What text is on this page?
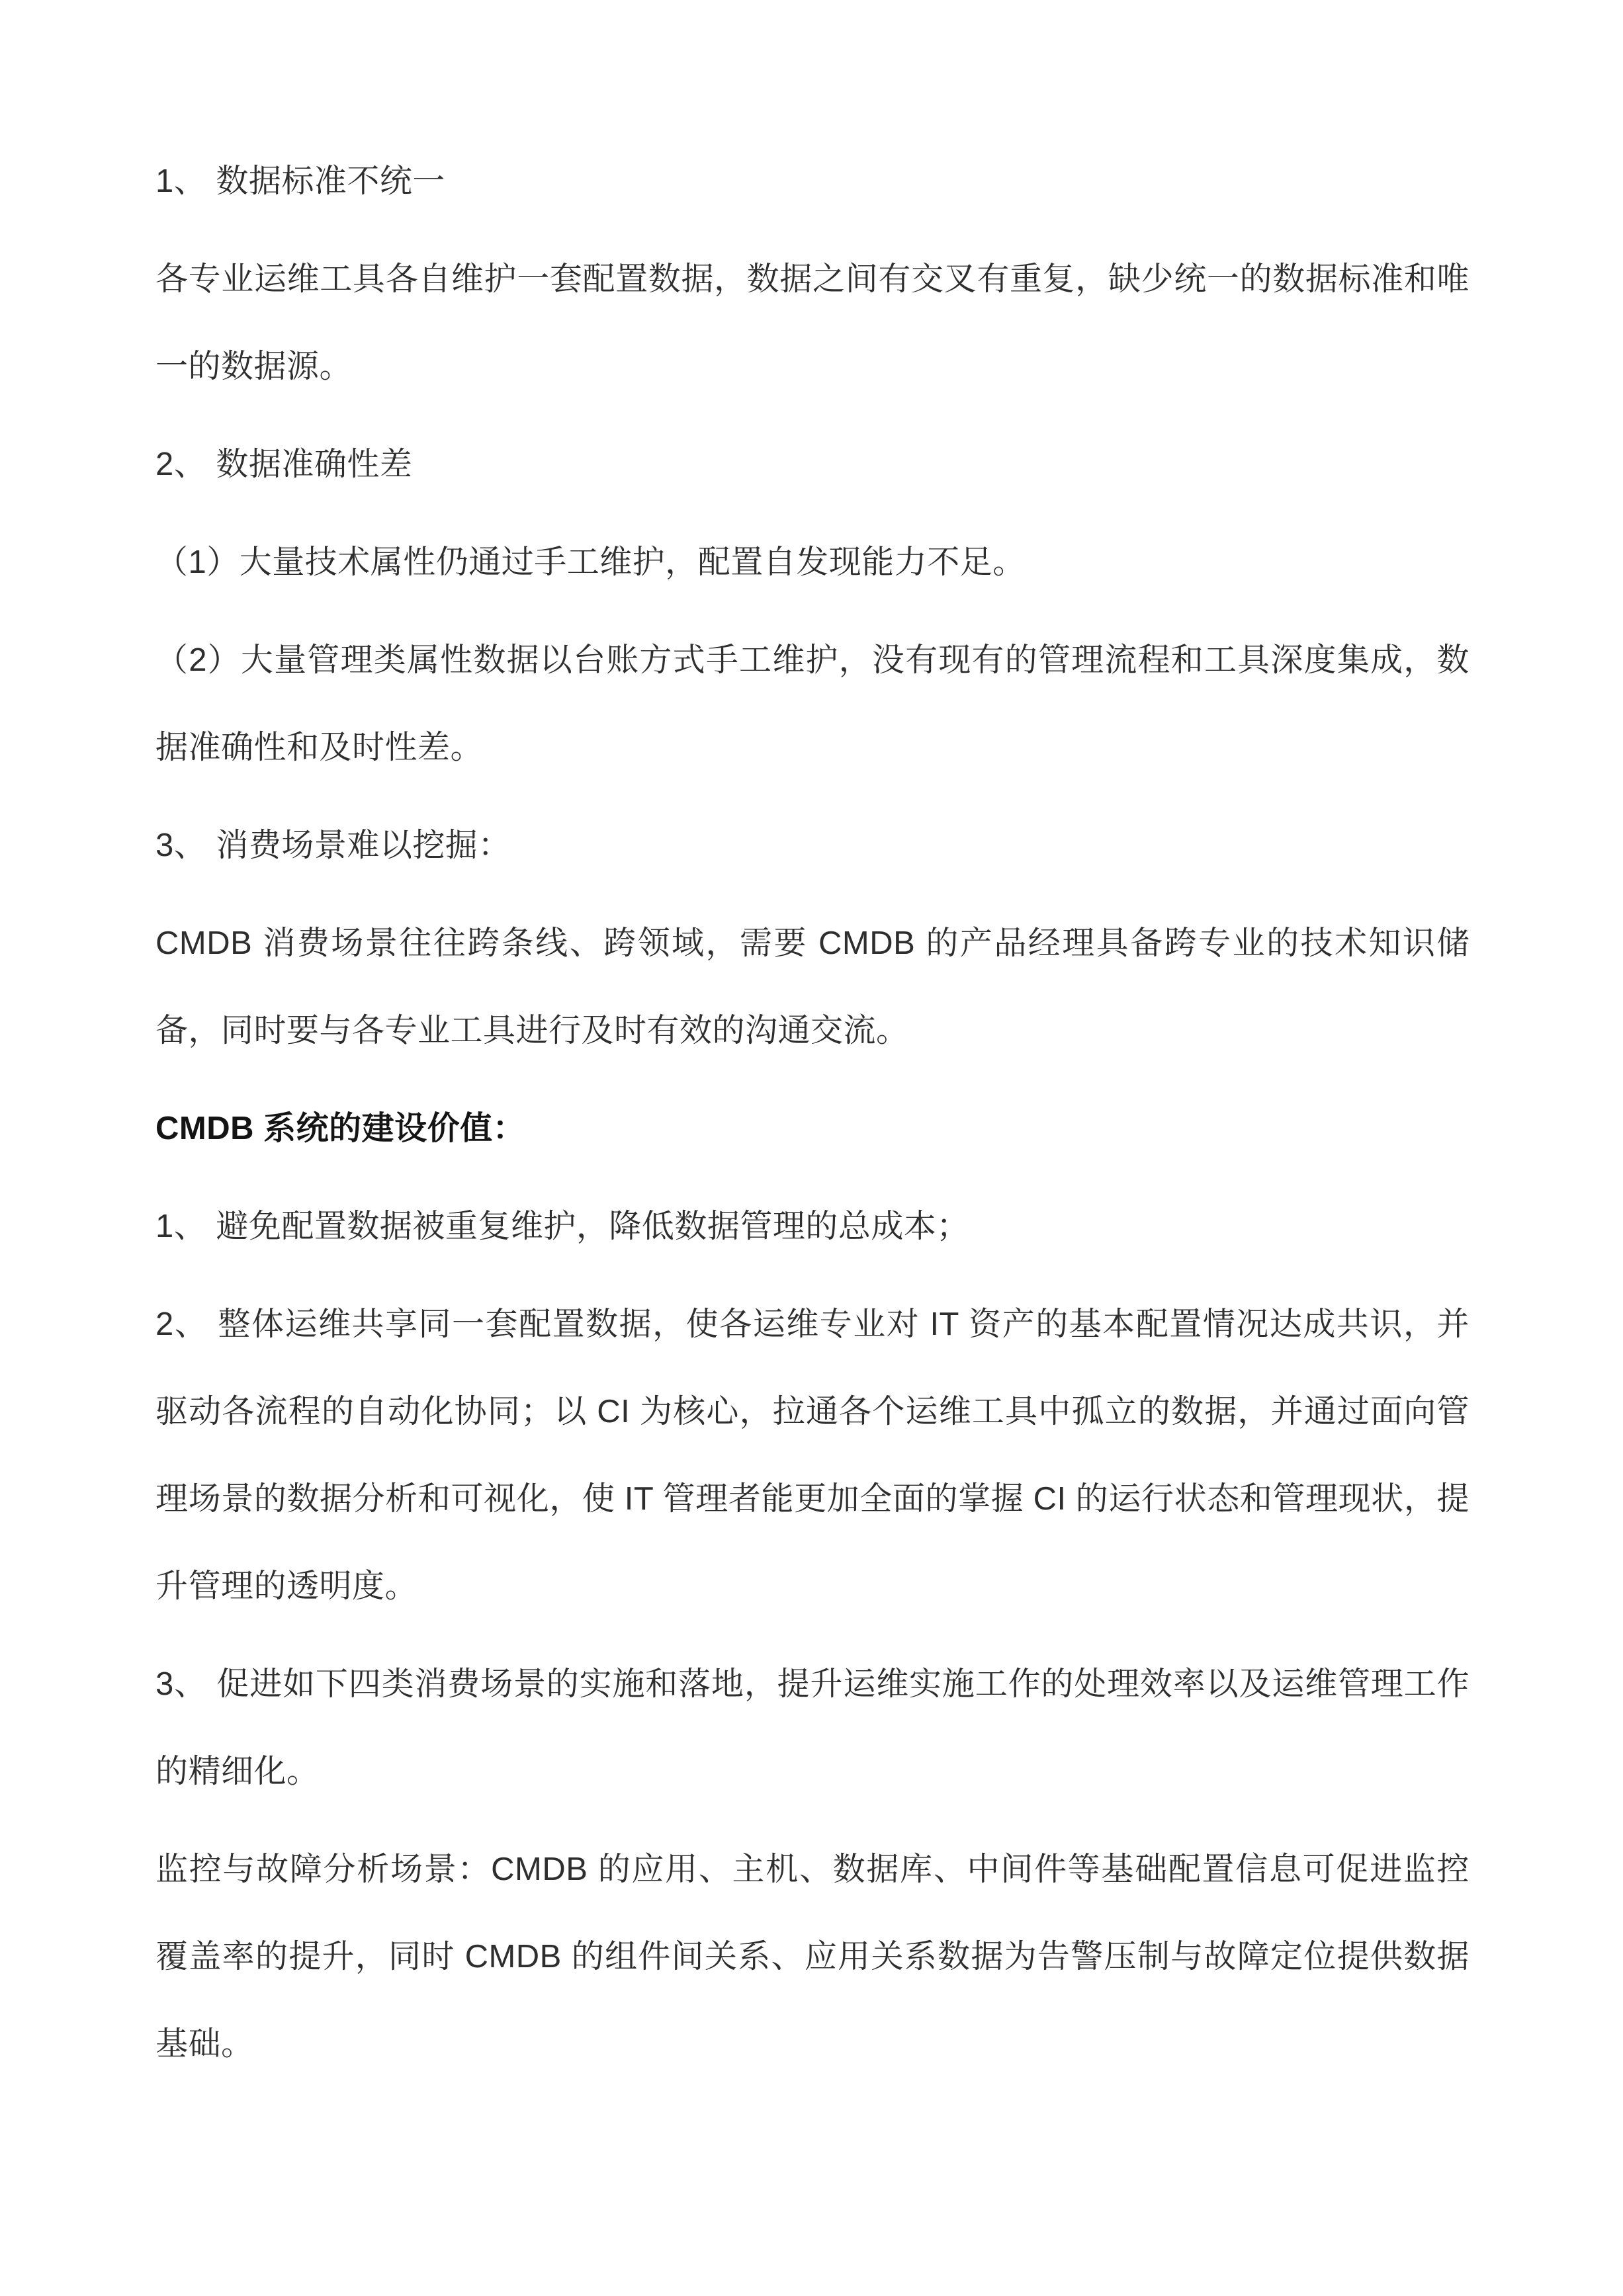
1、 数据标准不统一

各专业运维工具各自维护一套配置数据，数据之间有交叉有重复，缺少统一的数据标准和唯一的数据源。

2、 数据准确性差

（1）大量技术属性仍通过手工维护，配置自发现能力不足。

（2）大量管理类属性数据以台账方式手工维护，没有现有的管理流程和工具深度集成，数据准确性和及时性差。

3、 消费场景难以挖掘：

CMDB 消费场景往往跨条线、跨领域，需要 CMDB 的产品经理具备跨专业的技术知识储备，同时要与各专业工具进行及时有效的沟通交流。

CMDB 系统的建设价值：

1、 避免配置数据被重复维护，降低数据管理的总成本；

2、 整体运维共享同一套配置数据，使各运维专业对 IT 资产的基本配置情况达成共识，并驱动各流程的自动化协同；以 CI 为核心，拉通各个运维工具中孤立的数据，并通过面向管理场景的数据分析和可视化，使 IT 管理者能更加全面的掌握 CI 的运行状态和管理现状，提升管理的透明度。

3、 促进如下四类消费场景的实施和落地，提升运维实施工作的处理效率以及运维管理工作的精细化。

监控与故障分析场景：CMDB 的应用、主机、数据库、中间件等基础配置信息可促进监控覆盖率的提升，同时 CMDB 的组件间关系、应用关系数据为告警压制与故障定位提供数据基础。
